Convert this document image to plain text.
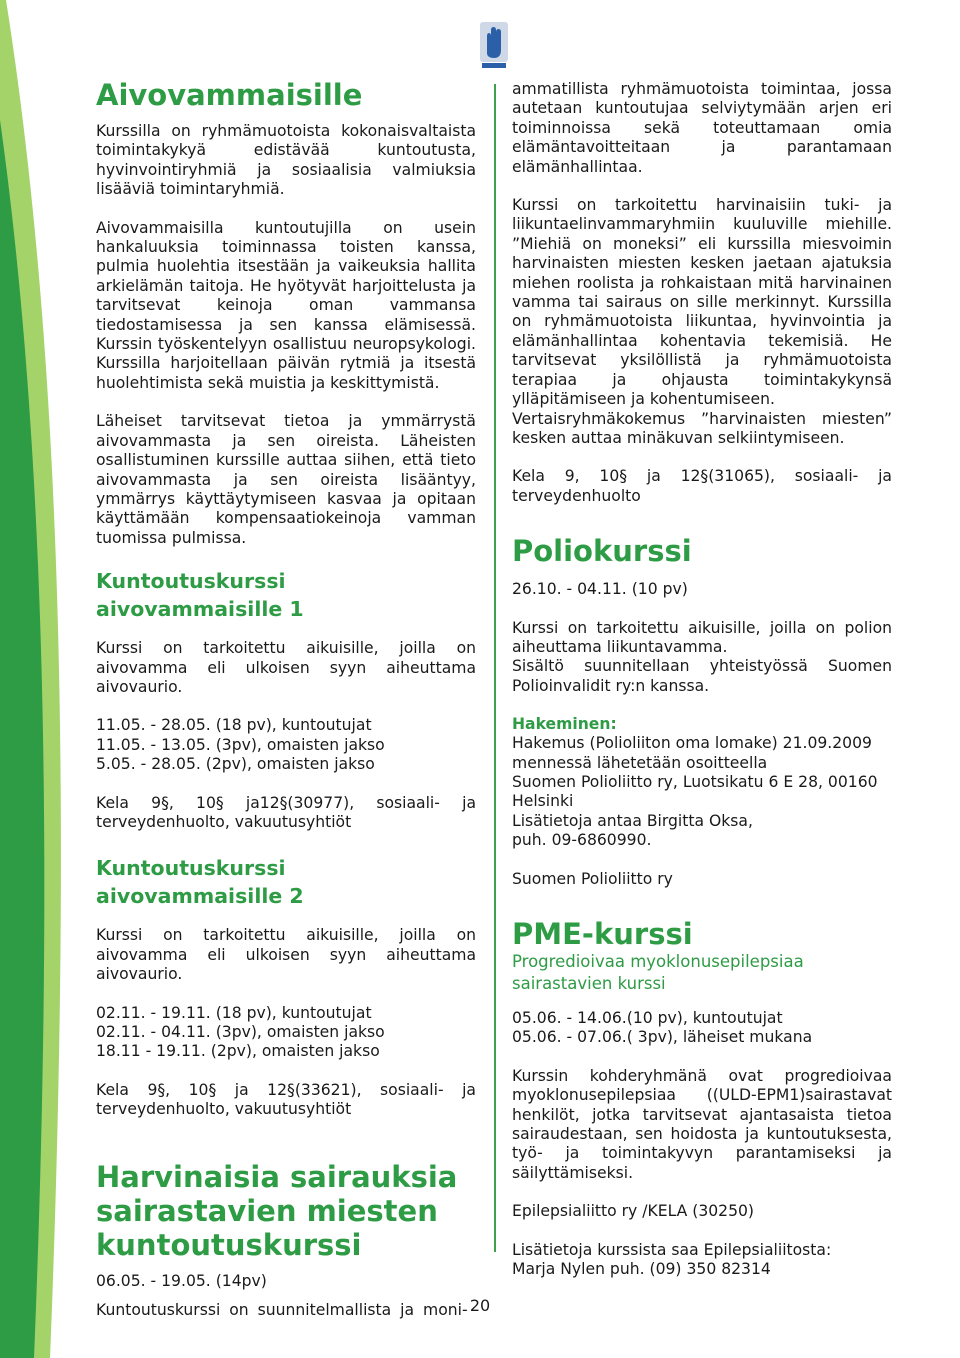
Aivovammaisille

Kurssilla on ryhmämuotoista kokonaisvaltaista toimintakykyä edistävää kuntoutusta, hyvinvointiryhmiä ja sosiaalisia valmiuksia lisääviä toimintaryhmiä.

Aivovammaisilla kuntoutujilla on usein hankaluuksia toiminnassa toisten kanssa, pulmia huolehtia itsestään ja vaikeuksia hallita arkielämän taitoja. He hyötyvät harjoittelusta ja tarvitsevat keinoja oman vammansa tiedostamisessa ja sen kanssa elämisessä. Kurssin työskentelyyn osallistuu neuropsykologi. Kurssilla harjoitellaan päivän rytmiä ja itsestä huolehtimista sekä muistia ja keskittymistä.

Läheiset tarvitsevat tietoa ja ymmärrystä aivovammasta ja sen oireista. Läheisten osallistuminen kurssille auttaa siihen, että tieto aivovammasta ja sen oireista lisääntyy, ymmärrys käyttäytymiseen kasvaa ja opitaan käyttämään kompensaatiokeinoja vamman tuomissa pulmissa.

Kuntoutuskurssi
aivovammaisille 1

Kurssi on tarkoitettu aikuisille, joilla on aivovamma eli ulkoisen syyn aiheuttama aivovaurio.

11.05. - 28.05. (18 pv), kuntoutujat

11.05. - 13.05. (3pv), omaisten jakso

5.05. - 28.05. (2pv), omaisten jakso

Kela 9§, 10§ ja12§(30977), sosiaali- ja terveydenhuolto, vakuutusyhtiöt

Kuntoutuskurssi
aivovammaisille 2

Kurssi on tarkoitettu aikuisille, joilla on aivovamma eli ulkoisen syyn aiheuttama aivovaurio.

02.11. - 19.11. (18 pv), kuntoutujat

02.11. - 04.11. (3pv), omaisten jakso

18.11 - 19.11. (2pv), omaisten jakso

Kela 9§, 10§ ja 12§(33621), sosiaali- ja terveydenhuolto, vakuutusyhtiöt

Harvinaisia sairauksia
sairastavien miesten
kuntoutuskurssi

06.05. - 19.05. (14pv)

Kuntoutuskurssi on suunnitelmallista ja moni-

ammatillista ryhmämuotoista toimintaa, jossa autetaan kuntoutujaa selviytymään arjen eri toiminnoissa sekä toteuttamaan omia elämäntavoitteitaan ja parantamaan elämänhallintaa.

Kurssi on tarkoitettu harvinaisiin tuki- ja liikuntaelinvammaryhmiin kuuluville miehille. ”Miehiä on moneksi” eli kurssilla miesvoimin harvinaisten miesten kesken jaetaan ajatuksia miehen roolista ja rohkaistaan mitä harvinainen vamma tai sairaus on sille merkinnyt. Kurssilla on ryhmämuotoista liikuntaa, hyvinvointia ja elämänhallintaa kohentavia tekemisiä. He tarvitsevat yksilöllistä ja ryhmämuotoista terapiaa ja ohjausta toimintakykynsä ylläpitämiseen ja kohentumiseen.

Vertaisryhmäkokemus ”harvinaisten miesten” kesken auttaa minäkuvan selkiintymiseen.

Kela 9, 10§ ja 12§(31065), sosiaali- ja terveydenhuolto

Poliokurssi

26.10. - 04.11. (10 pv)

Kurssi on tarkoitettu aikuisille, joilla on polion aiheuttama liikuntavamma.

Sisältö suunnitellaan yhteistyössä Suomen Polioinvalidit ry:n kanssa.

Hakeminen:

Hakemus (Polioliiton oma lomake) 21.09.2009

mennessä lähetetään osoitteella

Suomen Polioliitto ry, Luotsikatu 6 E 28, 00160

Helsinki

Lisätietoja antaa Birgitta Oksa,

puh. 09-6860990.

Suomen Polioliitto ry

PME-kurssi

Progredioivaa myoklonusepilepsiaa
sairastavien kurssi

05.06. - 14.06.(10 pv), kuntoutujat

05.06. - 07.06.( 3pv), läheiset mukana

Kurssin kohderyhmänä ovat progredioivaa myoklonusepilepsiaa ((ULD-EPM1)sairastavat henkilöt, jotka tarvitsevat ajantasaista tietoa sairaudestaan, sen hoidosta ja kuntoutuksesta, työ- ja toimintakyvyn parantamiseksi ja säilyttämiseksi.

Epilepsialiitto ry /KELA (30250)

Lisätietoja kurssista saa Epilepsialiitosta:

Marja Nylen puh. (09) 350 82314

20
